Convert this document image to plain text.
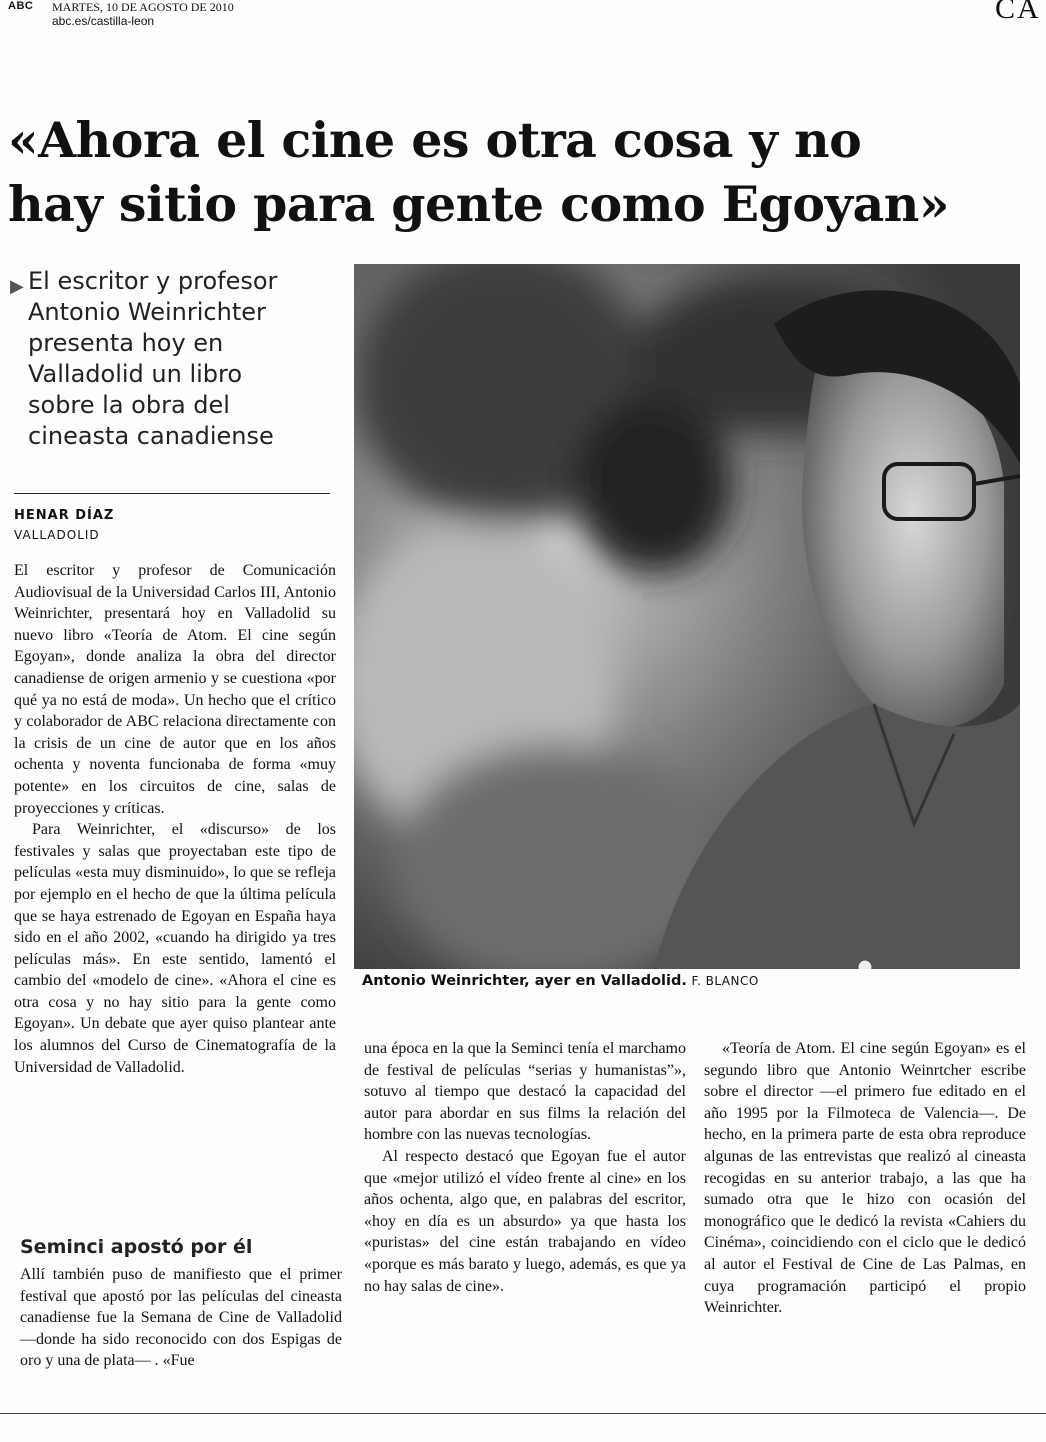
ABC MARTES, 10 DE AGOSTO DE 2010
abc.es/castilla-leon	CA
«Ahora el cine es otra cosa y no
hay sitio para gente como Egoyan»
▶ El escritor y profesor
Antonio Weinrichter
presenta hoy en
Valladolid un libro
sobre la obra del
cineasta canadiense

HENAR DÍAZ
VALLADOLID

El escritor y profesor de Comunicación Audiovisual de la Universidad Carlos III, Antonio Weinrichter, presentará hoy en Valladolid su nuevo libro «Teoría de Atom. El cine según Egoyan», donde analiza la obra del director canadiense de origen armenio y se cuestiona «por qué ya no está de moda». Un hecho que el crítico y colaborador de ABC relaciona directamente con la crisis de un cine de autor que en los años ochenta y noventa funcionaba de forma «muy potente» en los circuitos de cine, salas de proyecciones y críticas.

Para Weinrichter, el «discurso» de los festivales y salas que proyectaban este tipo de películas «esta muy disminuido», lo que se refleja por ejemplo en el hecho de que la última película que se haya estrenado de Egoyan en España haya sido en el año 2002, «cuando ha dirigido ya tres películas más». En este sentido, lamentó el cambio del «modelo de cine». «Ahora el cine es otra cosa y no hay sitio para la gente como Egoyan». Un debate que ayer quiso plantear ante los alumnos del Curso de Cinematografía de la Universidad de Valladolid.

Seminci apostó por él

Allí también puso de manifiesto que el primer festival que apostó por las películas del cineasta canadiense fue la Semana de Cine de Valladolid —donde ha sido reconocido con dos Espigas de oro y una de plata— . «Fue

Antonio Weinrichter, ayer en Valladolid. F. BLANCO

una época en la que la Seminci tenía el marchamo de festival de películas “serias y humanistas”», sotuvo al tiempo que destacó la capacidad del autor para abordar en sus films la relación del hombre con las nuevas tecnologías.

Al respecto destacó que Egoyan fue el autor que «mejor utilizó el vídeo frente al cine» en los años ochenta, algo que, en palabras del escritor, «hoy en día es un absurdo» ya que hasta los «puristas» del cine están trabajando en vídeo «porque es más barato y luego, además, es que ya no hay salas de cine».

«Teoría de Atom. El cine según Egoyan» es el segundo libro que Antonio Weinrtcher escribe sobre el director —el primero fue editado en el año 1995 por la Filmoteca de Valencia—. De hecho, en la primera parte de esta obra reproduce algunas de las entrevistas que realizó al cineasta recogidas en su anterior trabajo, a las que ha sumado otra que le hizo con ocasión del monográfico que le dedicó la revista «Cahiers du Cinéma», coincidiendo con el ciclo que le dedicó al autor el Festival de Cine de Las Palmas, en cuya programación participó el propio Weinrichter.
